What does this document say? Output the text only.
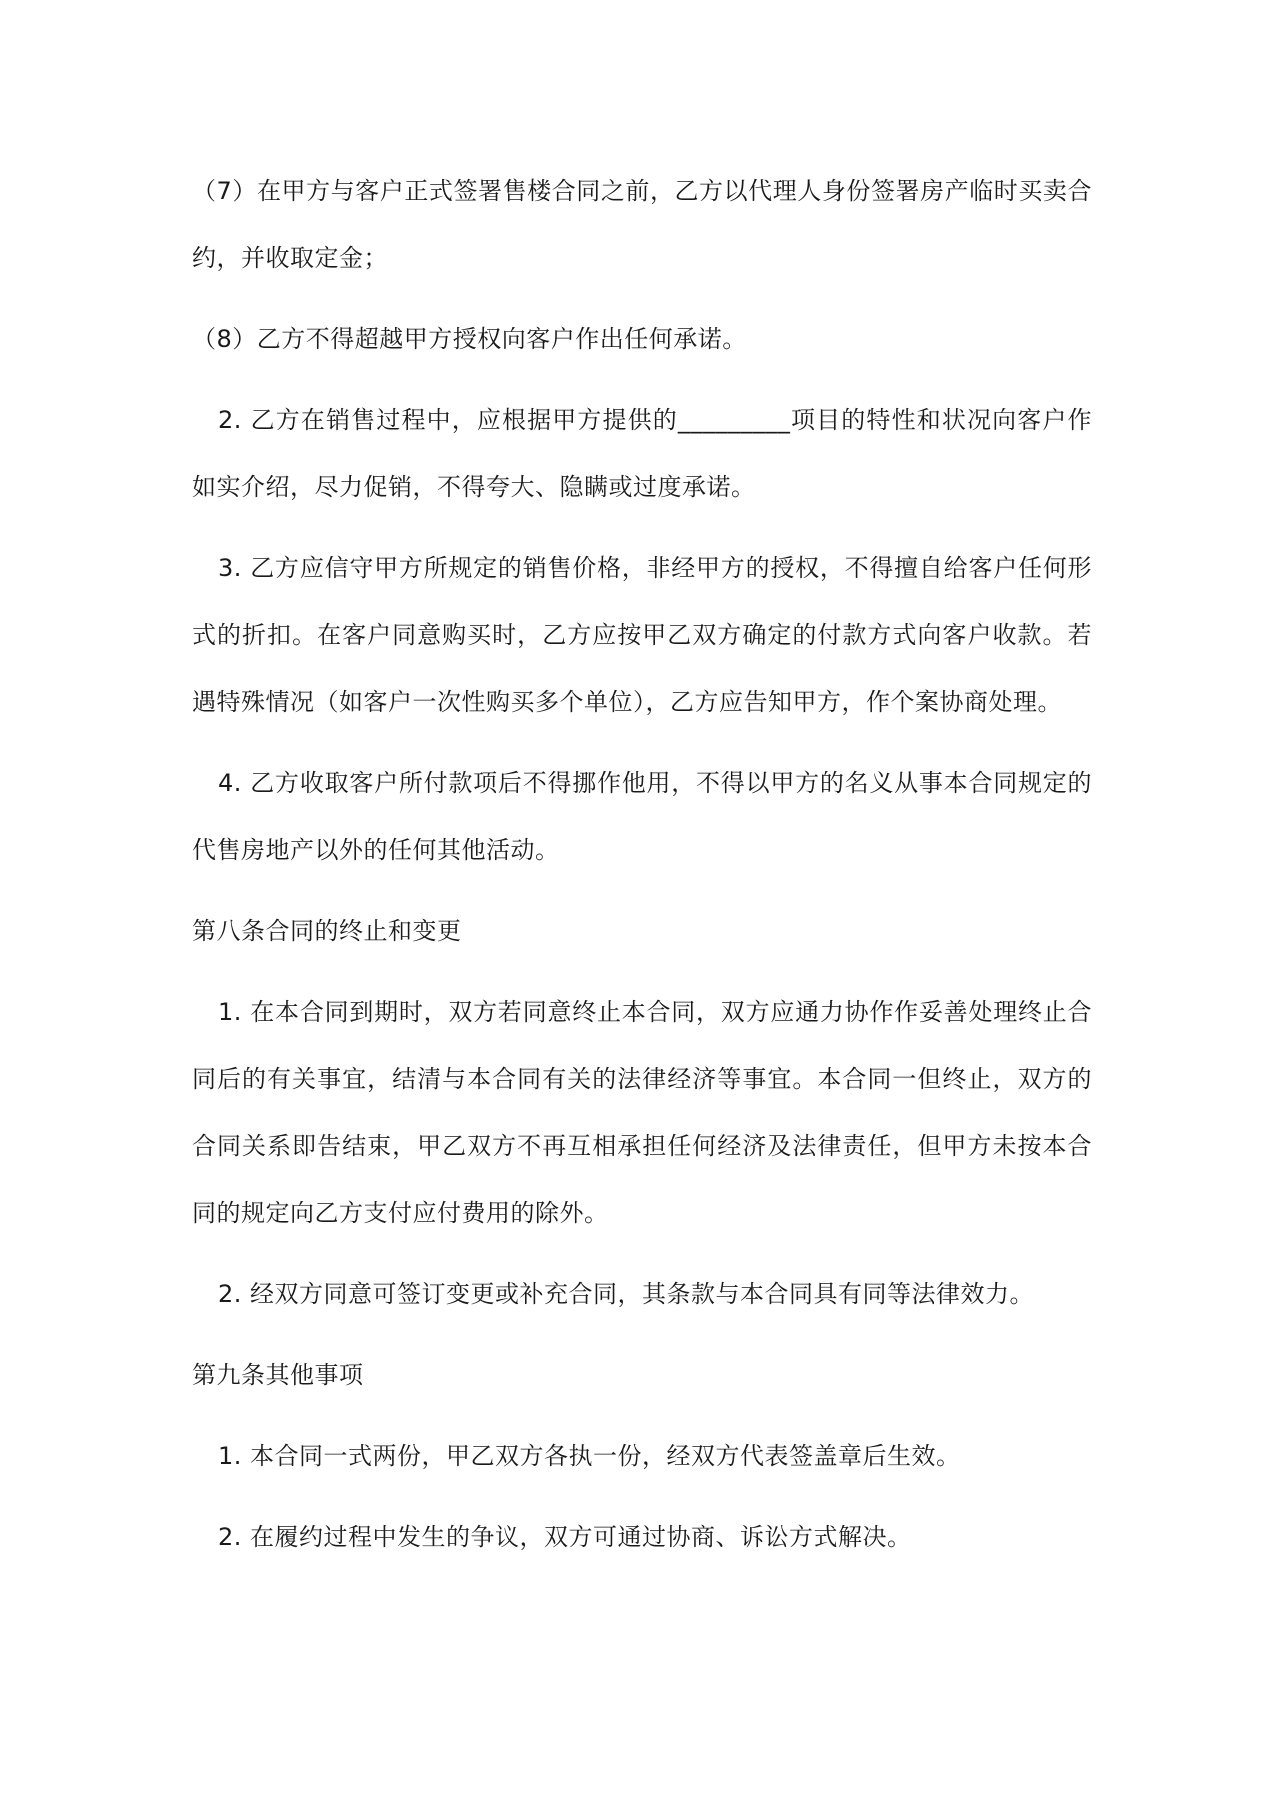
（7）在甲方与客户正式签署售楼合同之前，乙方以代理人身份签署房产临时买卖合约，并收取定金；

（8）乙方不得超越甲方授权向客户作出任何承诺。

2. 乙方在销售过程中，应根据甲方提供的_________项目的特性和状况向客户作如实介绍，尽力促销，不得夸大、隐瞒或过度承诺。

3. 乙方应信守甲方所规定的销售价格，非经甲方的授权，不得擅自给客户任何形式的折扣。在客户同意购买时，乙方应按甲乙双方确定的付款方式向客户收款。若遇特殊情况（如客户一次性购买多个单位），乙方应告知甲方，作个案协商处理。

4. 乙方收取客户所付款项后不得挪作他用，不得以甲方的名义从事本合同规定的代售房地产以外的任何其他活动。

第八条合同的终止和变更

1. 在本合同到期时，双方若同意终止本合同，双方应通力协作作妥善处理终止合同后的有关事宜，结清与本合同有关的法律经济等事宜。本合同一但终止，双方的合同关系即告结束，甲乙双方不再互相承担任何经济及法律责任，但甲方未按本合同的规定向乙方支付应付费用的除外。

2. 经双方同意可签订变更或补充合同，其条款与本合同具有同等法律效力。

第九条其他事项

1. 本合同一式两份，甲乙双方各执一份，经双方代表签盖章后生效。

2. 在履约过程中发生的争议，双方可通过协商、诉讼方式解决。
